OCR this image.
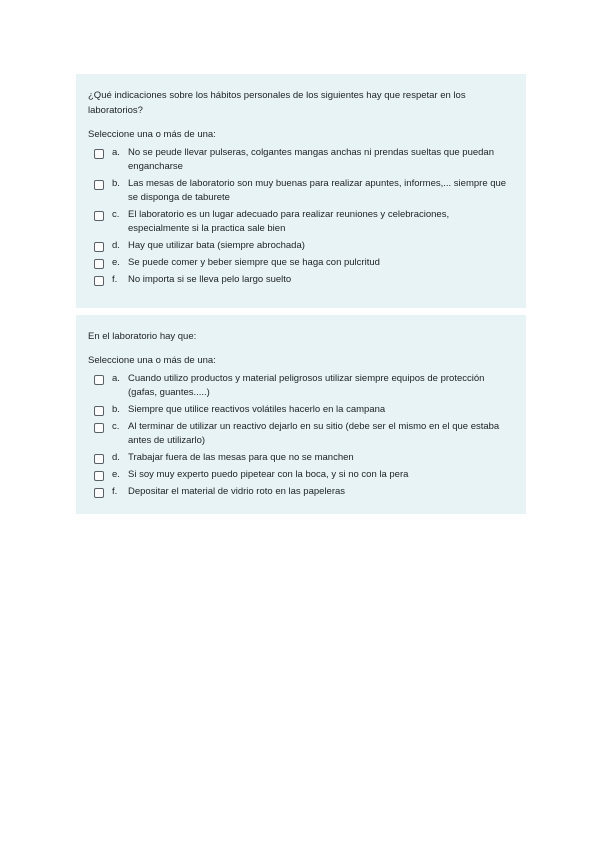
¿Qué indicaciones sobre los hábitos personales de los siguientes hay que respetar en los laboratorios?

Seleccione una o más de una:

a. No se peude llevar pulseras, colgantes mangas anchas ni prendas sueltas que puedan engancharse
b. Las mesas de laboratorio son muy buenas para realizar apuntes, informes,... siempre que se disponga de taburete
c. El laboratorio es un lugar adecuado para realizar reuniones y celebraciones, especialmente si la practica sale bien
d. Hay que utilizar bata (siempre abrochada)
e. Se puede comer y beber siempre que se haga con pulcritud
f.	No importa si se lleva pelo largo suelto

En el laboratorio hay que:

Seleccione una o más de una:

a. Cuando utilizo productos y material peligrosos utilizar siempre equipos de protección (gafas, guantes.....)
b. Siempre que utilice reactivos volátiles hacerlo en la campana
c. Al terminar de utilizar un reactivo dejarlo en su sitio (debe ser el mismo en el que estaba antes de utilizarlo)
d. Trabajar fuera de las mesas para que no se manchen
e. Si soy muy experto puedo pipetear con la boca, y si no con la pera
f.	Depositar el material de vidrio roto en las papeleras
